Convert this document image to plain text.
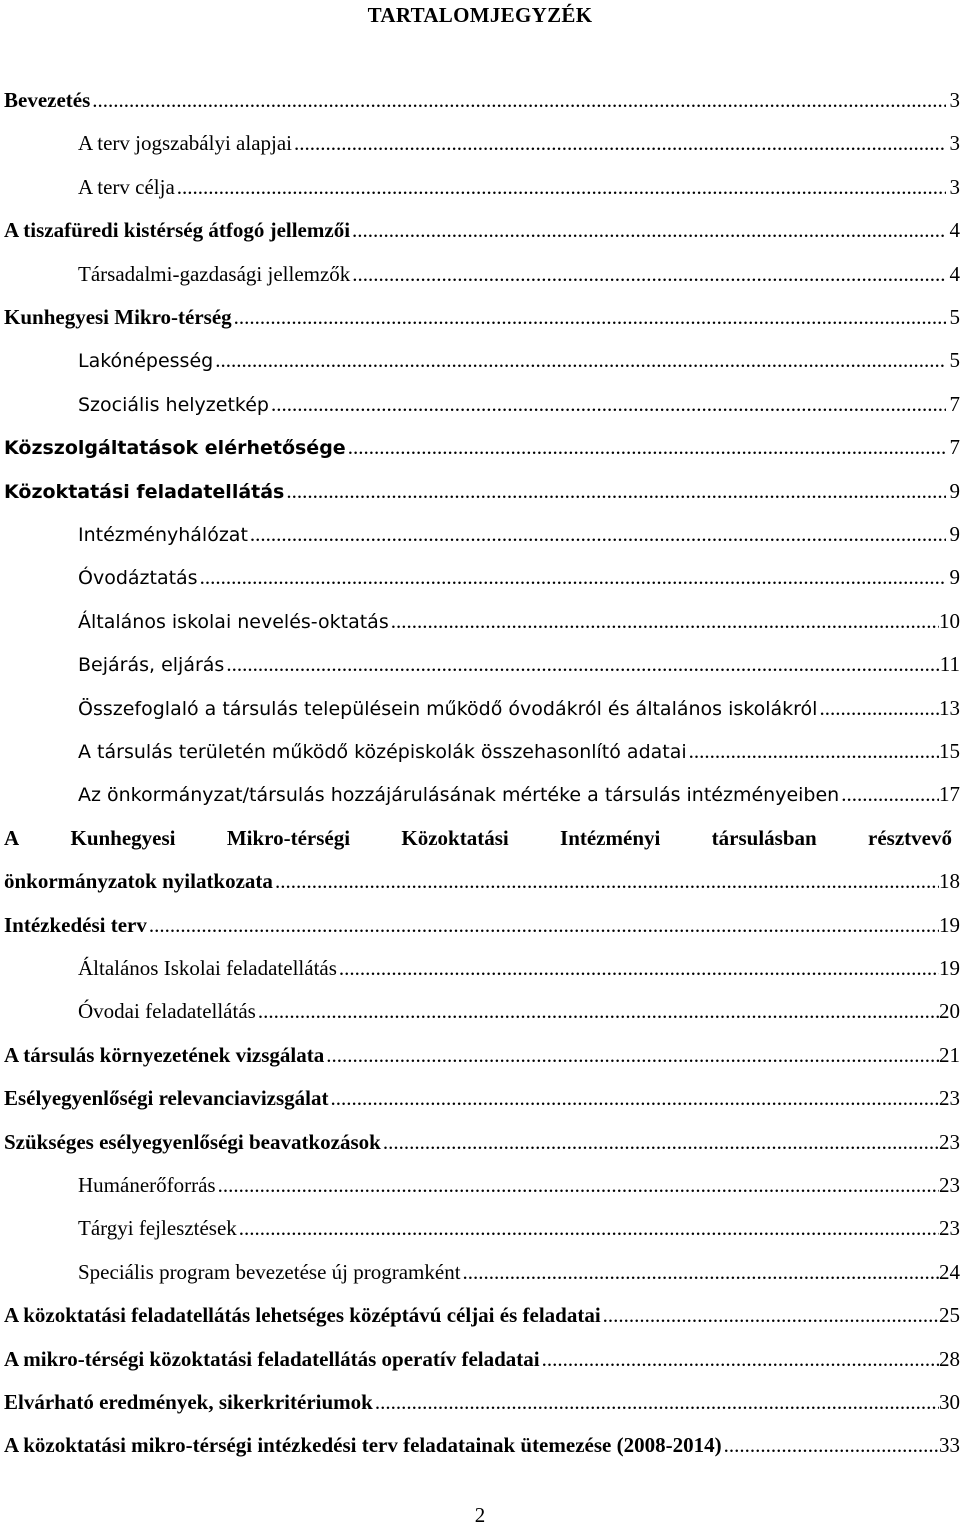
TARTALOMJEGYZÉK
Bevezetés .....	3
A terv jogszabályi alapjai .....	3
A terv célja .....	3
A tiszafüredi kistérség átfogó jellemzői .....	4
Társadalmi-gazdasági jellemzők .....	4
Kunhegyesi Mikro-térség .....	5
Lakónépesség .....	5
Szociális helyzetkép .....	7
Közszolgáltatások elérhetősége .....	7
Közoktatási feladatellátás .....	9
Intézményhálózat .....	9
Óvodáztatás .....	9
Általános iskolai nevelés-oktatás .....	10
Bejárás, eljárás .....	11
Összefoglaló a társulás településein működő óvodákról és általános iskolákról .....	13
A társulás területén működő középiskolák összehasonlító adatai .....	15
Az önkormányzat/társulás hozzájárulásának mértéke a társulás intézményeiben .....	17
A Kunhegyesi Mikro-térségi Közoktatási Intézményi társulásban résztvevő
önkormányzatok nyilatkozata .....	18
Intézkedési terv .....	19
Általános Iskolai feladatellátás .....	19
Óvodai feladatellátás .....	20
A társulás környezetének vizsgálata .....	21
Esélyegyenlőségi relevanciavizsgálat .....	23
Szükséges esélyegyenlőségi beavatkozások .....	23
Humánerőforrás .....	23
Tárgyi fejlesztések .....	23
Speciális program bevezetése új programként .....	24
A közoktatási feladatellátás lehetséges középtávú céljai és feladatai .....	25
A mikro-térségi közoktatási feladatellátás operatív feladatai .....	28
Elvárható eredmények, sikerkritériumok .....	30
A közoktatási mikro-térségi intézkedési terv feladatainak ütemezése (2008-2014) .....	33
2
